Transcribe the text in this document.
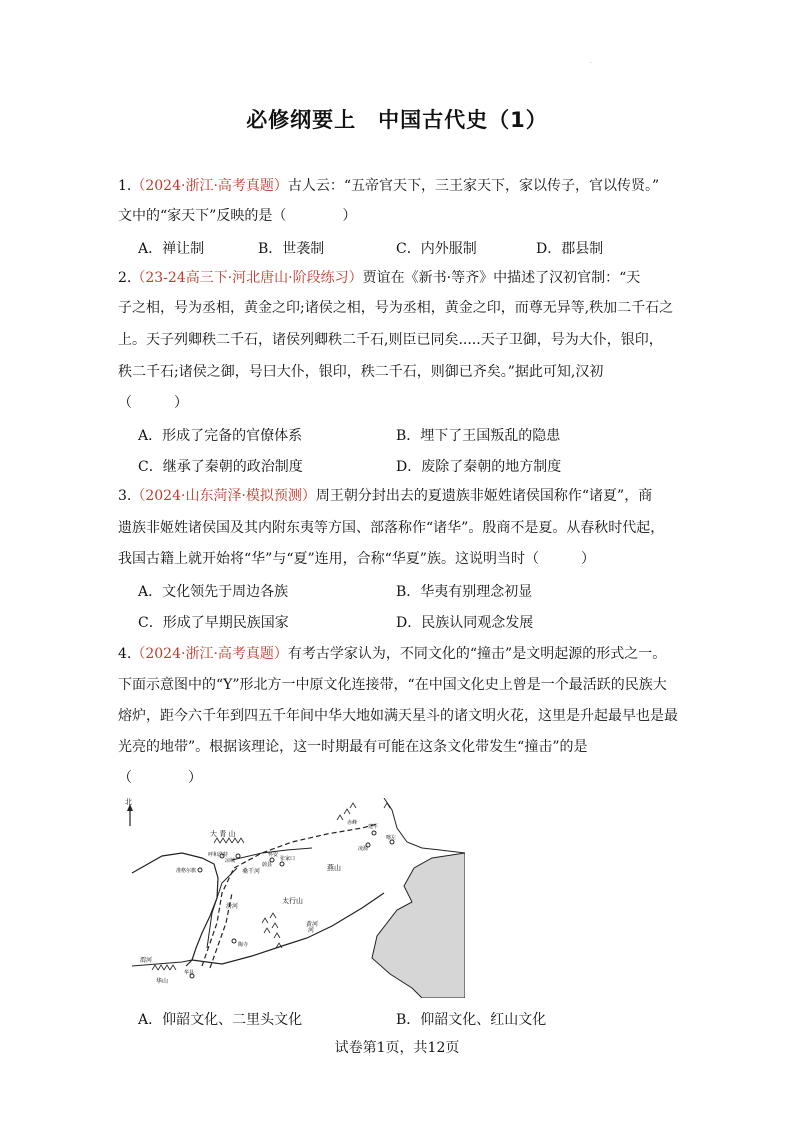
·
必修纲要上　中国古代史（1）
1.（2024·浙江·高考真题）古人云：“五帝官天下，三王家天下，家以传子，官以传贤。”
文中的“家天下”反映的是（　　　　）
A．禅让制	B．世袭制	C．内外服制	D．郡县制
2.（23-24高三下·河北唐山·阶段练习）贾谊在《新书·等齐》中描述了汉初官制：“天
子之相，号为丞相，黄金之印;诸侯之相，号为丞相，黄金之印，而尊无异等,秩加二千石之
上。天子列卿秩二千石，诸侯列卿秩二千石,则臣已同矣.....天子卫御，号为大仆，银印，
秩二千石;诸侯之御，号曰大仆，银印，秩二千石，则御已齐矣。”据此可知,汉初
（　　　）
A．形成了完备的官僚体系	B．埋下了王国叛乱的隐患
C．继承了秦朝的政治制度	D．废除了秦朝的地方制度
3.（2024·山东菏泽·模拟预测）周王朝分封出去的夏遗族非姬姓诸侯国称作“诸夏”，商
遗族非姬姓诸侯国及其内附东夷等方国、部落称作“诸华”。殷商不是夏。从春秋时代起，
我国古籍上就开始将“华”与“夏”连用，合称“华夏”族。这说明当时（　　　）
A．文化领先于周边各族	B．华夷有别理念初显
C．形成了早期民族国家	D．民族认同观念发展
4.（2024·浙江·高考真题）有考古学家认为，不同文化的“撞击”是文明起源的形式之一。
下面示意图中的“Y”形北方一中原文化连接带，“在中国文化史上曾是一个最活跃的民族大
熔炉，距今六千年到四五千年间中华大地如满天星斗的诸文明火花，这里是升起最早也是最
光亮的地带”。根据该理论，这一时期最有可能在这条文化带发生“撞击”的是
（　　　　）
北
大 青 山
呼和浩特
凉城
准格尔旗
赤峰
建平
喀左
凌源
张家口
蔚县
怀安
燕山
桑干河
汾河
太行山
陶寺
渭河
华县
华山
黄河
河
A．仰韶文化、二里头文化	B．仰韶文化、红山文化
试卷第1页，共12页
